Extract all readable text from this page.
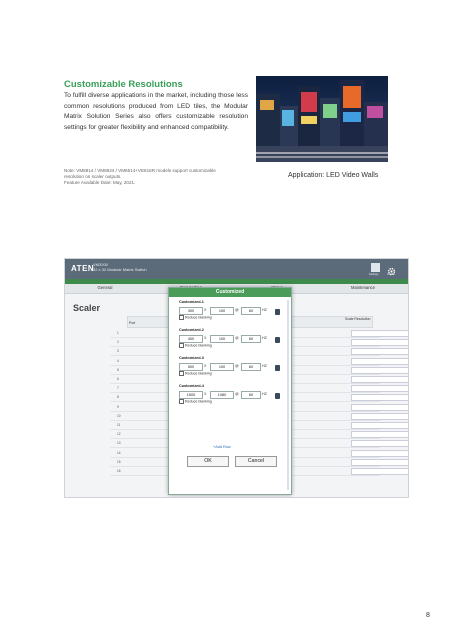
Customizable Resolutions
To fulfill diverse applications in the market, including those less common resolutions produced from LED tiles, the Modular Matrix Solution Series also offers customizable resolution settings for greater flexibility and enhanced compatibility.
Note: VM8814 / VM8824 / VM8514+VE816R models support customizable
resolution on scaler outputs.
Feature Available Date: May, 2021.
Application: LED Video Walls
ATEN
VM3200
32 x 32 Modular Matrix Switch
Settings	Logout
General	Maintenance
Scaler
Port
Scale Resolution
1
2
3
4
5
6
7
8
9
10
11
12
13
14
15
16
Customized
Customized-1
300	X	100	@	60	HZ
Reduce blanking
Customized-2
400	X	100	@	60	HZ
Reduce blanking
Customized-3
500	X	100	@	60	HZ
Reduce blanking
Customized-4
1500	X	1080	@	60	HZ
Reduce blanking
+Add Row
OK	Cancel
8
